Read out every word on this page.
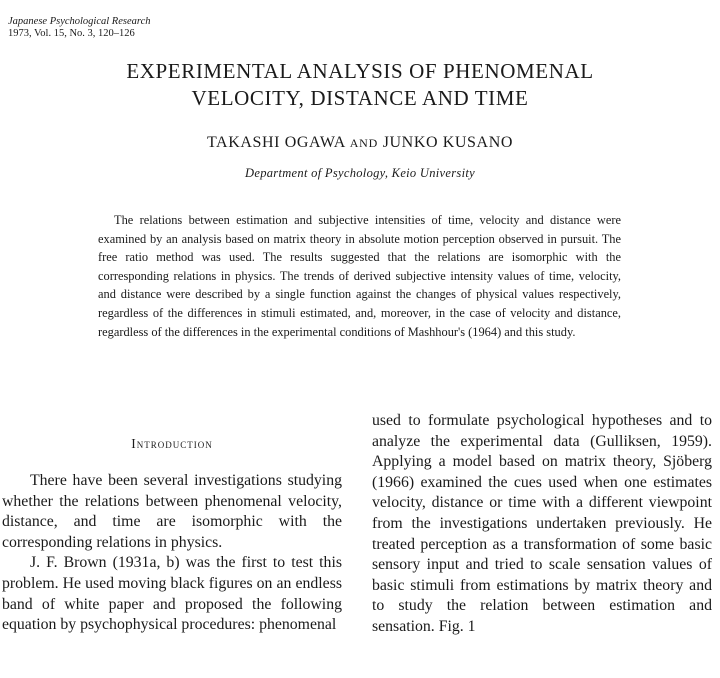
Japanese Psychological Research
1973, Vol. 15, No. 3, 120–126
EXPERIMENTAL ANALYSIS OF PHENOMENAL
VELOCITY, DISTANCE AND TIME
TAKASHI OGAWA AND JUNKO KUSANO
Department of Psychology, Keio University

The relations between estimation and subjective intensities of time, velocity and distance were examined by an analysis based on matrix theory in absolute motion perception observed in pursuit. The free ratio method was used. The results suggested that the relations are isomorphic with the corresponding relations in physics. The trends of derived subjective intensity values of time, velocity, and distance were described by a single function against the changes of physical values respectively, regardless of the differences in stimuli estimated, and, moreover, in the case of velocity and distance, regardless of the differences in the experimental conditions of Mashhour's (1964) and this study.

Introduction

There have been several investigations studying whether the relations between phenomenal velocity, distance, and time are isomorphic with the corresponding relations in physics.

J. F. Brown (1931a, b) was the first to test this problem. He used moving black figures on an endless band of white paper and proposed the following equation by psychophysical procedures: phenomenal

used to formulate psychological hypotheses and to analyze the experimental data (Gulliksen, 1959). Applying a model based on matrix theory, Sjöberg (1966) examined the cues used when one estimates velocity, distance or time with a different viewpoint from the investigations undertaken previously. He treated perception as a transformation of some basic sensory input and tried to scale sensation values of basic stimuli from estimations by matrix theory and to study the relation between estimation and sensation. Fig. 1
